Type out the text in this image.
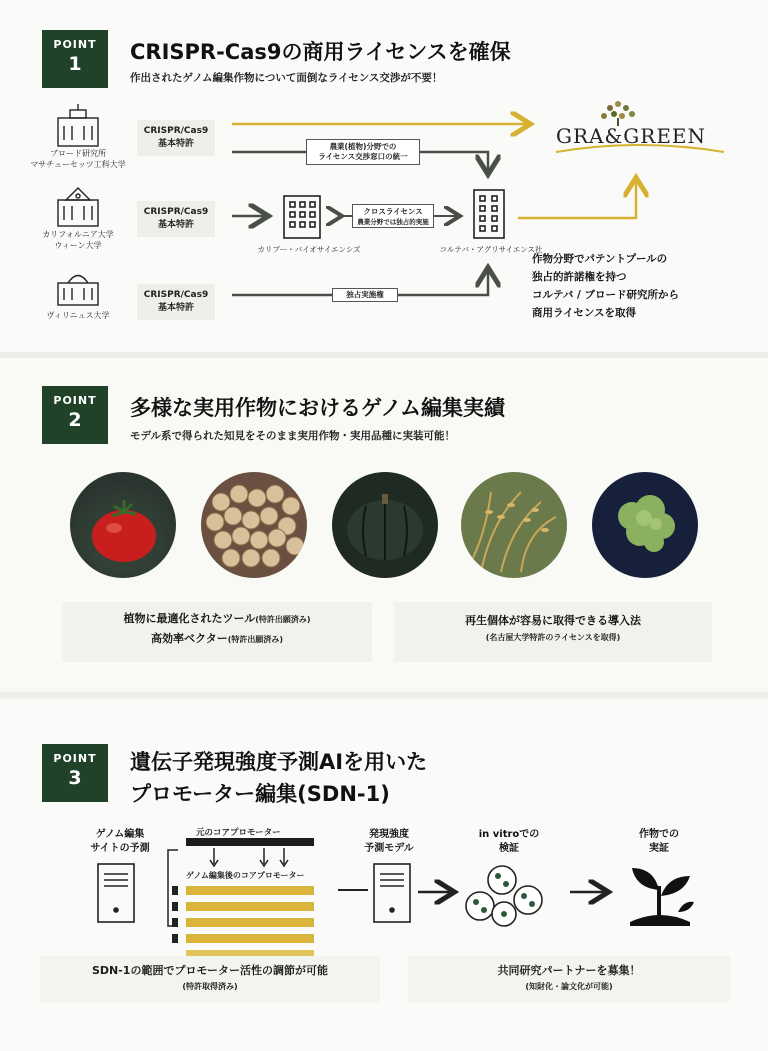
POINT
1	CRISPR-Cas9の商用ライセンスを確保
作出されたゲノム編集作物について面倒なライセンス交渉が不要！
ブロード研究所
マサチューセッツ工科大学
カリフォルニア大学
ウィーン大学
ヴィリニュス大学
CRISPR/Cas9
基本特許
CRISPR/Cas9
基本特許
CRISPR/Cas9
基本特許
農業(植物)分野での
ライセンス交渉窓口の統一
クロスライセンス
農業分野では独占的実施
独占実施権
カリブー・バイオサイエンシズ	コルテバ・アグリサイエンス社
GRA&GREEN
作物分野でパテントプールの
独占的許諾権を持つ
コルテバ / ブロード研究所から
商用ライセンスを取得
POINT
2	多様な実用作物におけるゲノム編集実績
モデル系で得られた知見をそのまま実用作物・実用品種に実装可能！
植物に最適化されたツール(特許出願済み)
高効率ベクター(特許出願済み)
再生個体が容易に取得できる導入法
(名古屋大学特許のライセンスを取得)
POINT
3
遺伝子発現強度予測AIを用いた
プロモーター編集(SDN-1)
ゲノム編集
サイトの予測
元のコアプロモーター
ゲノム編集後のコアプロモーター
発現強度
予測モデル
in vitroでの
検証
作物での
実証
SDN-1の範囲でプロモーター活性の調節が可能
(特許取得済み)
共同研究パートナーを募集！
(知財化・論文化が可能)
